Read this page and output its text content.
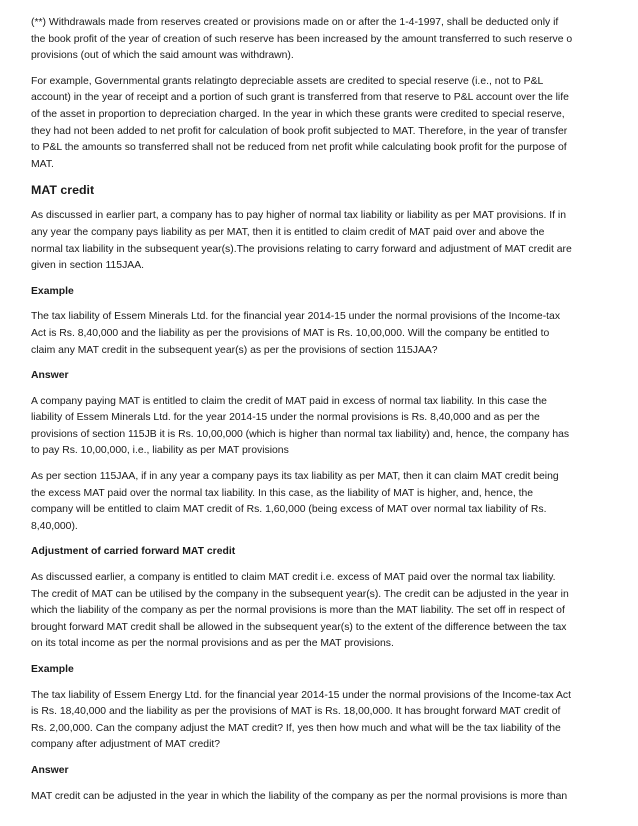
(**) Withdrawals made from reserves created or provisions made on or after the 1-4-1997, shall be deducted only if
the book profit of the year of creation of such reserve has been increased by the amount transferred to such reserve o
provisions (out of which the said amount was withdrawn).

For example, Governmental grants relatingto depreciable assets are credited to special reserve (i.e., not to P&L
account) in the year of receipt and a portion of such grant is transferred from that reserve to P&L account over the life
of the asset in proportion to depreciation charged. In the year in which these grants were credited to special reserve,
they had not been added to net profit for calculation of book profit subjected to MAT. Therefore, in the year of transfer
to P&L the amounts so transferred shall not be reduced from net profit while calculating book profit for the purpose of
MAT.

MAT credit

As discussed in earlier part, a company has to pay higher of normal tax liability or liability as per MAT provisions. If in
any year the company pays liability as per MAT, then it is entitled to claim credit of MAT paid over and above the
normal tax liability in the subsequent year(s).The provisions relating to carry forward and adjustment of MAT credit are
given in section 115JAA.

Example

The tax liability of Essem Minerals Ltd. for the financial year 2014-15 under the normal provisions of the Income-tax
Act is Rs. 8,40,000 and the liability as per the provisions of MAT is Rs. 10,00,000. Will the company be entitled to
claim any MAT credit in the subsequent year(s) as per the provisions of section 115JAA?

Answer

A company paying MAT is entitled to claim the credit of MAT paid in excess of normal tax liability. In this case the
liability of Essem Minerals Ltd. for the year 2014-15 under the normal provisions is Rs. 8,40,000 and as per the
provisions of section 115JB it is Rs. 10,00,000 (which is higher than normal tax liability) and, hence, the company has
to pay Rs. 10,00,000, i.e., liability as per MAT provisions

As per section 115JAA, if in any year a company pays its tax liability as per MAT, then it can claim MAT credit being
the excess MAT paid over the normal tax liability. In this case, as the liability of MAT is higher, and, hence, the
company will be entitled to claim MAT credit of Rs. 1,60,000 (being excess of MAT over normal tax liability of Rs.
8,40,000).

Adjustment of carried forward MAT credit

As discussed earlier, a company is entitled to claim MAT credit i.e. excess of MAT paid over the normal tax liability.
The credit of MAT can be utilised by the company in the subsequent year(s). The credit can be adjusted in the year in
which the liability of the company as per the normal provisions is more than the MAT liability. The set off in respect of
brought forward MAT credit shall be allowed in the subsequent year(s) to the extent of the difference between the tax
on its total income as per the normal provisions and as per the MAT provisions.

Example

The tax liability of Essem Energy Ltd. for the financial year 2014-15 under the normal provisions of the Income-tax Act
is Rs. 18,40,000 and the liability as per the provisions of MAT is Rs. 18,00,000. It has brought forward MAT credit of
Rs. 2,00,000. Can the company adjust the MAT credit? If, yes then how much and what will be the tax liability of the
company after adjustment of MAT credit?

Answer

MAT credit can be adjusted in the year in which the liability of the company as per the normal provisions is more than
